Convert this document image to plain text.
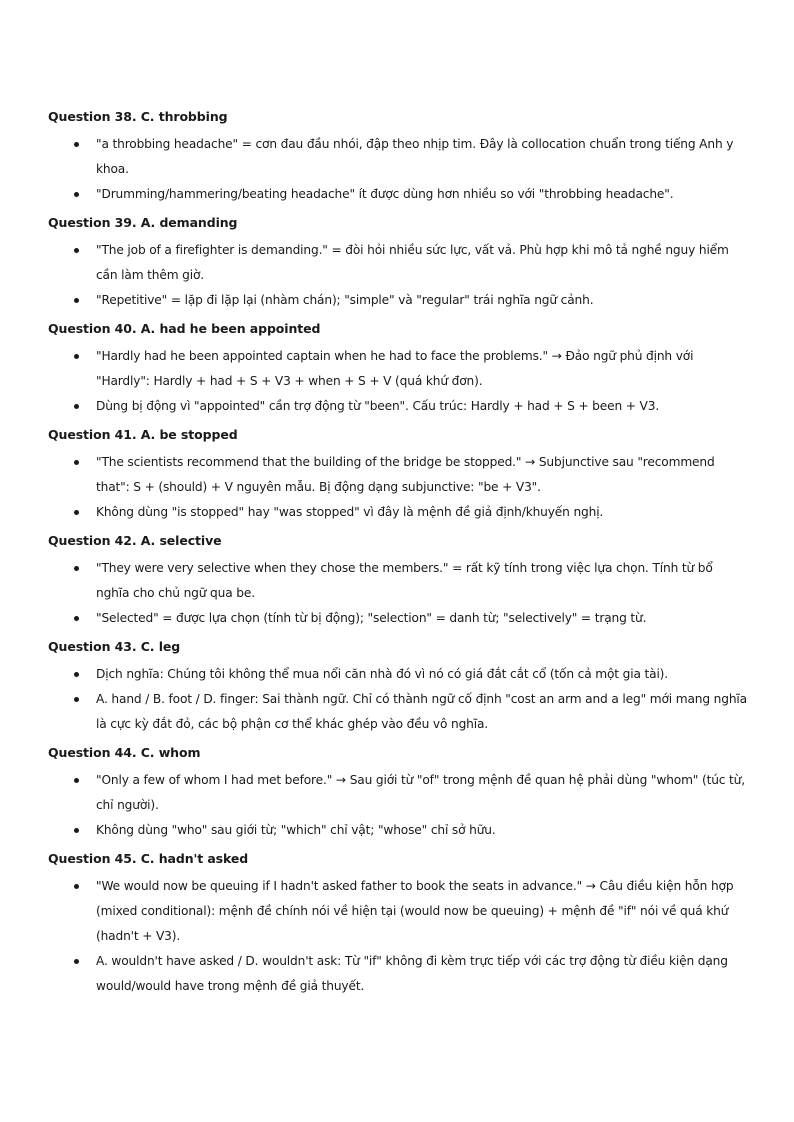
Question 38. C. throbbing

"a throbbing headache" = cơn đau đầu nhói, đập theo nhịp tim. Đây là collocation chuẩn trong tiếng Anh y khoa.
"Drumming/hammering/beating headache" ít được dùng hơn nhiều so với "throbbing headache".

Question 39. A. demanding

"The job of a firefighter is demanding." = đòi hỏi nhiều sức lực, vất vả. Phù hợp khi mô tả nghề nguy hiểm cần làm thêm giờ.
"Repetitive" = lặp đi lặp lại (nhàm chán); "simple" và "regular" trái nghĩa ngữ cảnh.

Question 40. A. had he been appointed

"Hardly had he been appointed captain when he had to face the problems." → Đảo ngữ phủ định với "Hardly": Hardly + had + S + V3 + when + S + V (quá khứ đơn).
Dùng bị động vì "appointed" cần trợ động từ "been". Cấu trúc: Hardly + had + S + been + V3.

Question 41. A. be stopped

"The scientists recommend that the building of the bridge be stopped." → Subjunctive sau "recommend that": S + (should) + V nguyên mẫu. Bị động dạng subjunctive: "be + V3".
Không dùng "is stopped" hay "was stopped" vì đây là mệnh đề giả định/khuyến nghị.

Question 42. A. selective

"They were very selective when they chose the members." = rất kỹ tính trong việc lựa chọn. Tính từ bổ nghĩa cho chủ ngữ qua be.
"Selected" = được lựa chọn (tính từ bị động); "selection" = danh từ; "selectively" = trạng từ.

Question 43. C. leg

Dịch nghĩa: Chúng tôi không thể mua nổi căn nhà đó vì nó có giá đắt cắt cổ (tốn cả một gia tài).
A. hand / B. foot / D. finger: Sai thành ngữ. Chỉ có thành ngữ cố định "cost an arm and a leg" mới mang nghĩa là cực kỳ đắt đỏ, các bộ phận cơ thể khác ghép vào đều vô nghĩa.

Question 44. C. whom

"Only a few of whom I had met before." → Sau giới từ "of" trong mệnh đề quan hệ phải dùng "whom" (túc từ, chỉ người).
Không dùng "who" sau giới từ; "which" chỉ vật; "whose" chỉ sở hữu.

Question 45. C. hadn't asked

"We would now be queuing if I hadn't asked father to book the seats in advance." → Câu điều kiện hỗn hợp (mixed conditional): mệnh đề chính nói về hiện tại (would now be queuing) + mệnh đề "if" nói về quá khứ (hadn't + V3).
A. wouldn't have asked / D. wouldn't ask: Từ "if" không đi kèm trực tiếp với các trợ động từ điều kiện dạng would/would have trong mệnh đề giả thuyết.
